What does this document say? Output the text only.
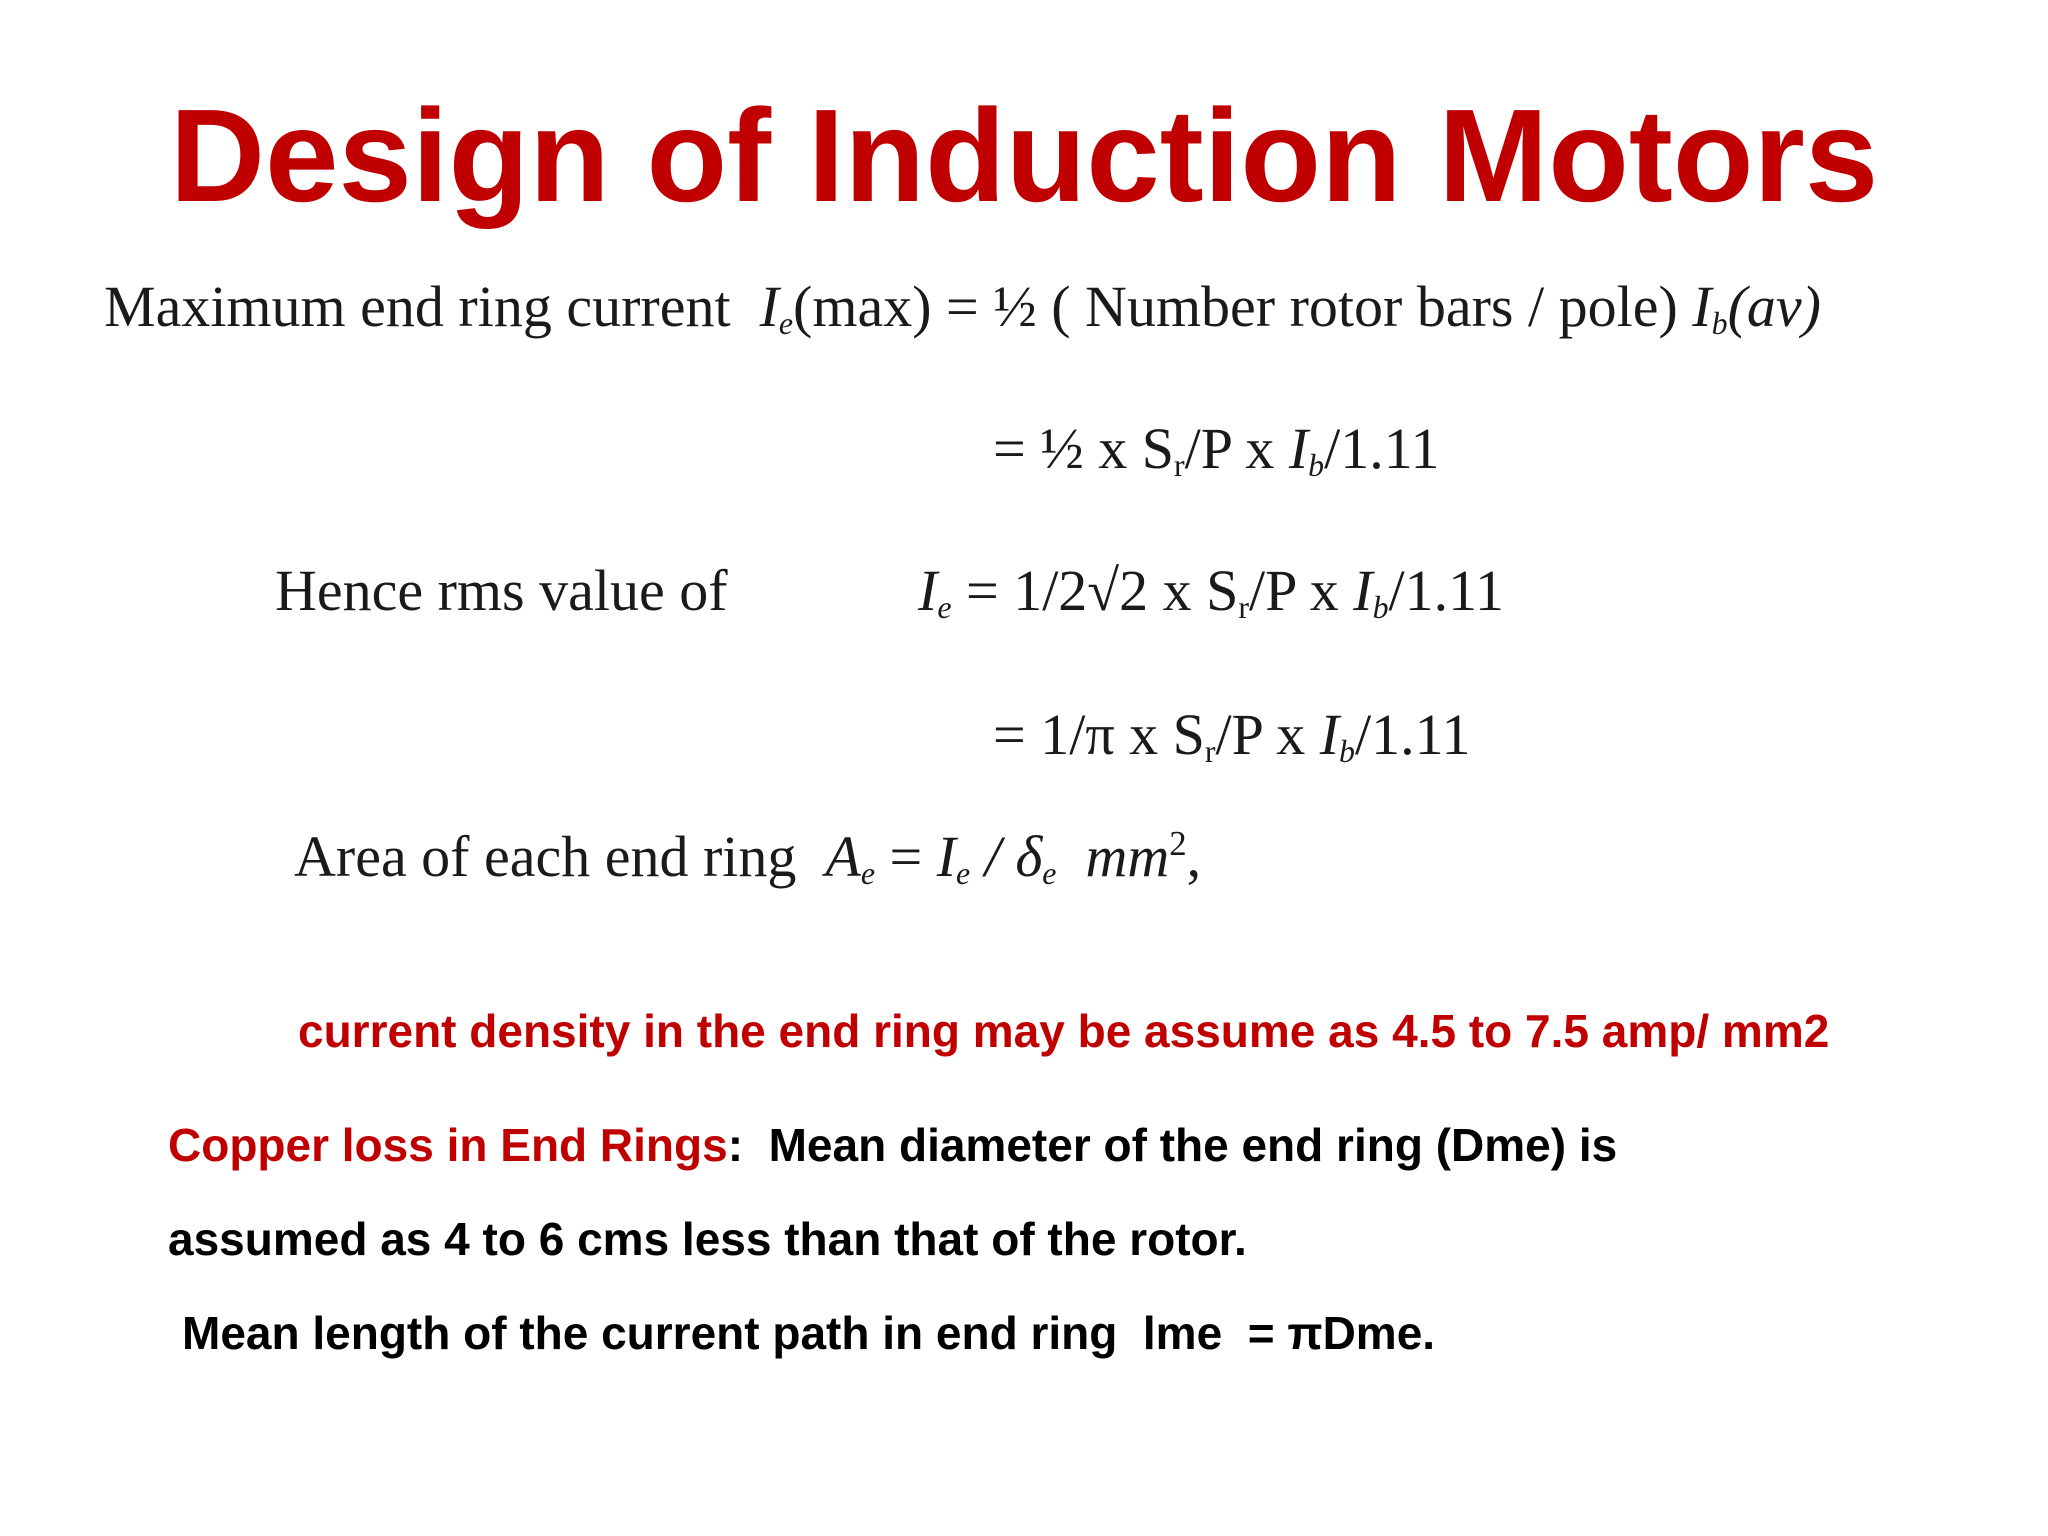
Design of Induction Motors
Maximum end ring current $I_e(\max)$ = ½ ( Number rotor bars / pole) $I_b(av)$
= ½ x $S_r/P$ x $I_b/1.11$
Hence rms value of	$I_e = 1/2√2$ x $S_r/P$ x $I_b/1.11$
= 1/π x $S_r/P$ x $I_b/1.11$
Area of each end ring $A_e = I_e / \delta_e$  $mm^2$,
current density in the end ring may be assume as 4.5 to 7.5 amp/ mm2
Copper loss in End Rings:  Mean diameter of the end ring (Dme) is
assumed as 4 to 6 cms less than that of the rotor.
Mean length of the current path in end ring  lme  = πDme.
